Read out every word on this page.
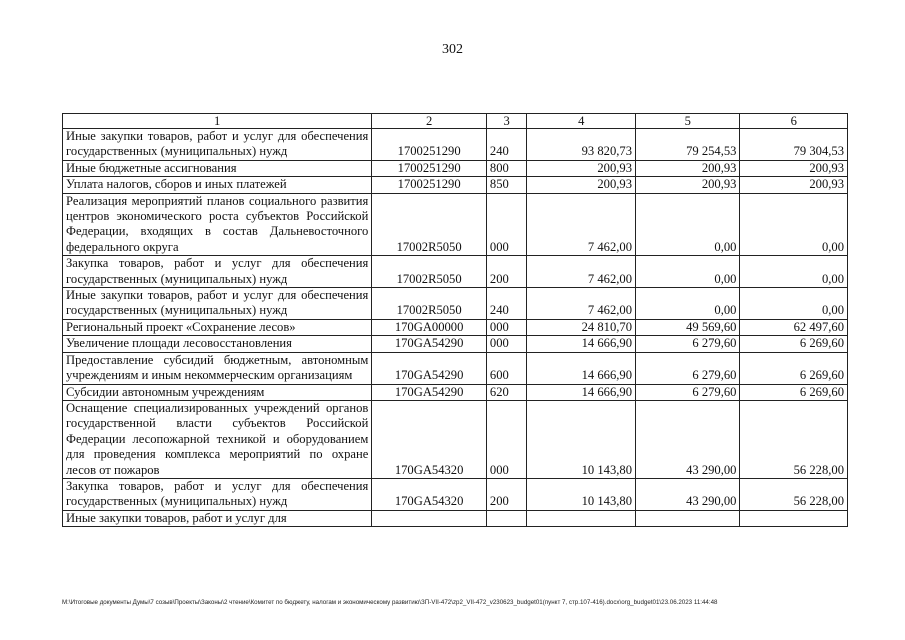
302
1	2	3	4	5	6
Иные закупки товаров, работ и услуг для обеспечения государственных (муниципальных) нужд	1700251290	240	93 820,73	79 254,53	79 304,53
Иные бюджетные ассигнования	1700251290	800	200,93	200,93	200,93
Уплата налогов, сборов и иных платежей	1700251290	850	200,93	200,93	200,93
Реализация мероприятий планов социального развития центров экономического роста субъектов Российской Федерации, входящих в состав Дальневосточного федерального округа	17002R5050	000	7 462,00	0,00	0,00
Закупка товаров, работ и услуг для обеспечения государственных (муниципальных) нужд	17002R5050	200	7 462,00	0,00	0,00
Иные закупки товаров, работ и услуг для обеспечения государственных (муниципальных) нужд	17002R5050	240	7 462,00	0,00	0,00
Региональный проект «Сохранение лесов»	170GA00000	000	24 810,70	49 569,60	62 497,60
Увеличение площади лесовосстановления	170GA54290	000	14 666,90	6 279,60	6 269,60
Предоставление субсидий бюджетным, автономным учреждениям и иным некоммерческим организациям	170GA54290	600	14 666,90	6 279,60	6 269,60
Субсидии автономным учреждениям	170GA54290	620	14 666,90	6 279,60	6 269,60
Оснащение специализированных учреждений органов государственной власти субъектов Российской Федерации лесопожарной техникой и оборудованием для проведения комплекса мероприятий по охране лесов от пожаров	170GA54320	000	10 143,80	43 290,00	56 228,00
Закупка товаров, работ и услуг для обеспечения государственных (муниципальных) нужд	170GA54320	200	10 143,80	43 290,00	56 228,00
Иные закупки товаров, работ и услуг для					
M:\Итоговые документы Думы\7 созыв\Проекты\Законы\2 чтение\Комитет по бюджету, налогам и экономическому развитию\ЗП-VII-472\zp2_VII-472_v230623_budget01(пункт 7, стр.107-416).docx\org_budget01\23.06.2023 11:44:48
